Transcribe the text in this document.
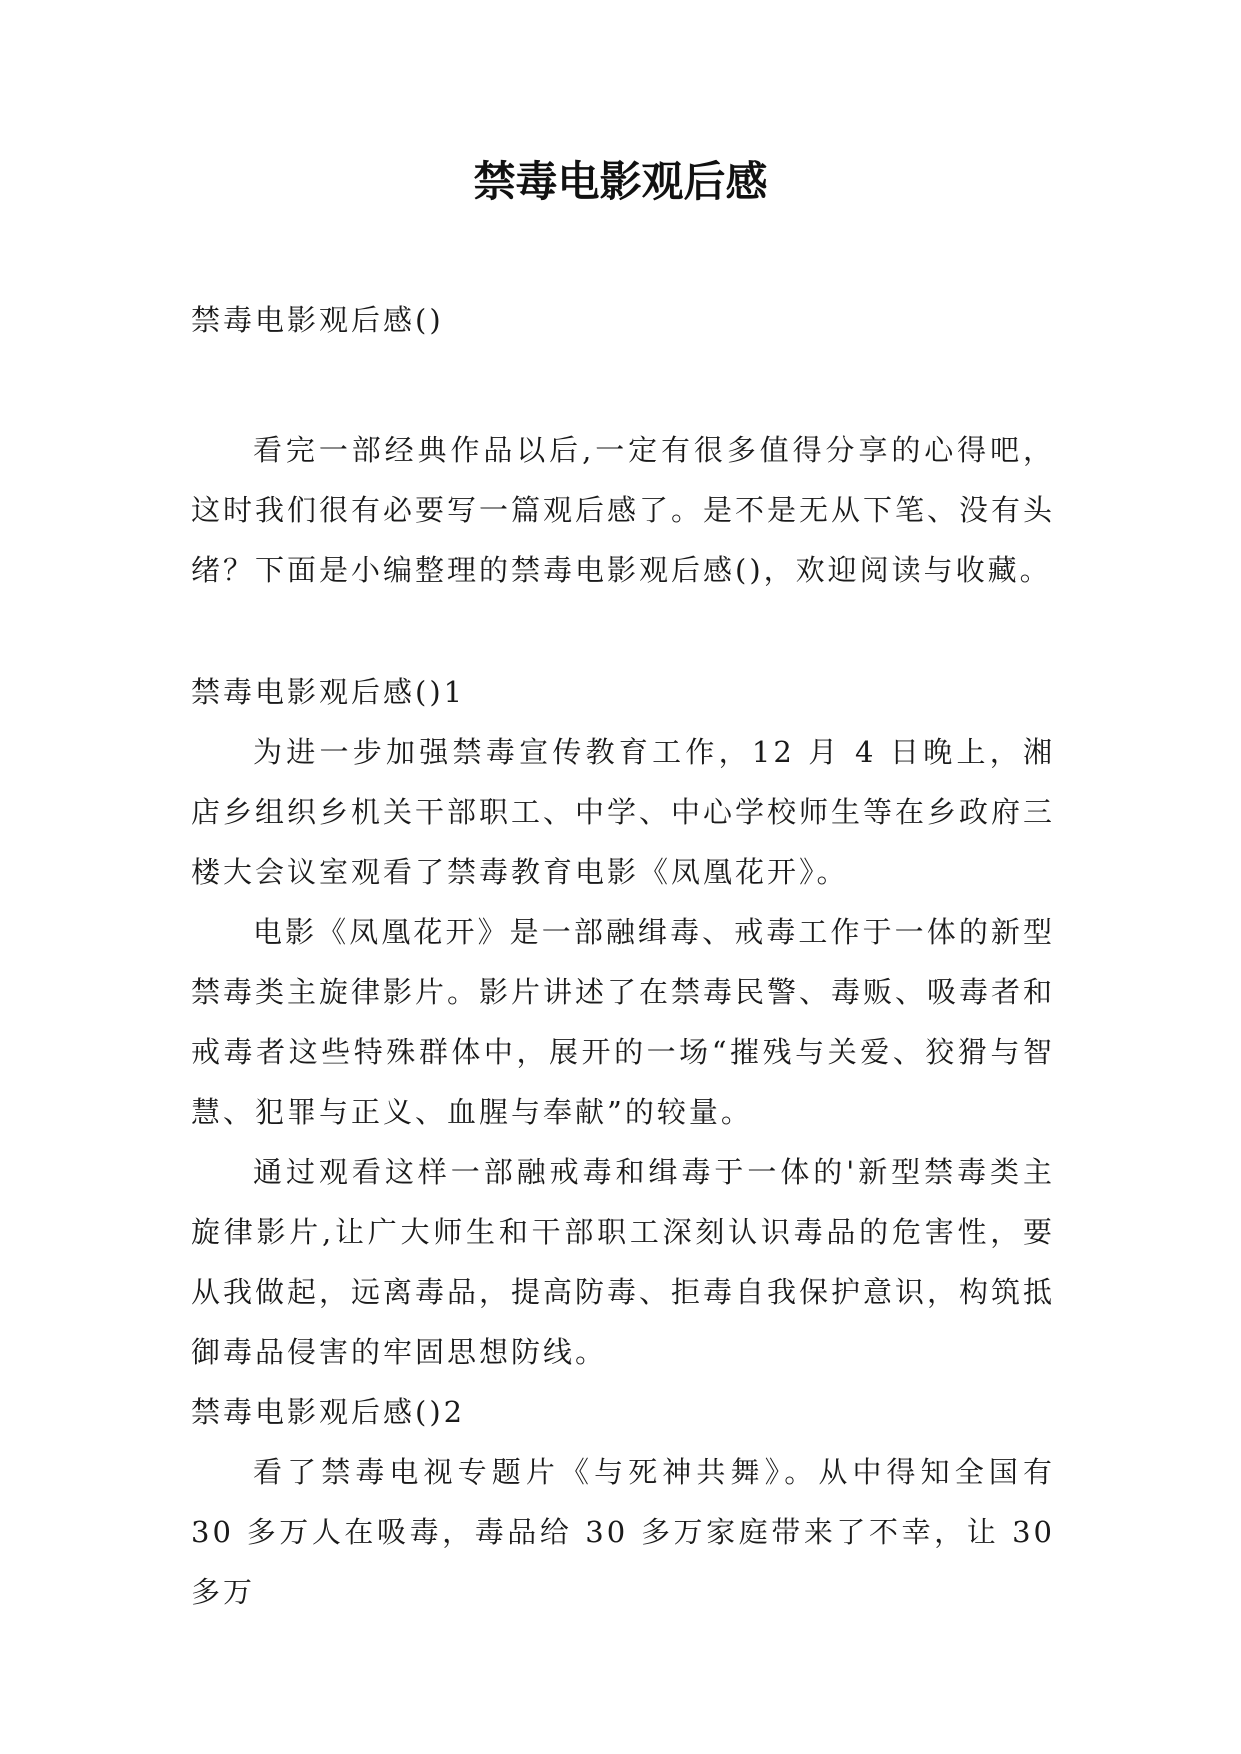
禁毒电影观后感

禁毒电影观后感()

看完一部经典作品以后,一定有很多值得分享的心得吧，这时我们很有必要写一篇观后感了。是不是无从下笔、没有头绪？下面是小编整理的禁毒电影观后感()，欢迎阅读与收藏。

禁毒电影观后感()1

为进一步加强禁毒宣传教育工作，12 月 4 日晚上，湘店乡组织乡机关干部职工、中学、中心学校师生等在乡政府三楼大会议室观看了禁毒教育电影《凤凰花开》。

电影《凤凰花开》是一部融缉毒、戒毒工作于一体的新型禁毒类主旋律影片。影片讲述了在禁毒民警、毒贩、吸毒者和戒毒者这些特殊群体中，展开的一场“摧残与关爱、狡猾与智慧、犯罪与正义、血腥与奉献”的较量。

通过观看这样一部融戒毒和缉毒于一体的'新型禁毒类主旋律影片,让广大师生和干部职工深刻认识毒品的危害性，要从我做起，远离毒品，提高防毒、拒毒自我保护意识，构筑抵御毒品侵害的牢固思想防线。

禁毒电影观后感()2

看了禁毒电视专题片《与死神共舞》。从中得知全国有 30 多万人在吸毒，毒品给 30 多万家庭带来了不幸，让 30 多万
